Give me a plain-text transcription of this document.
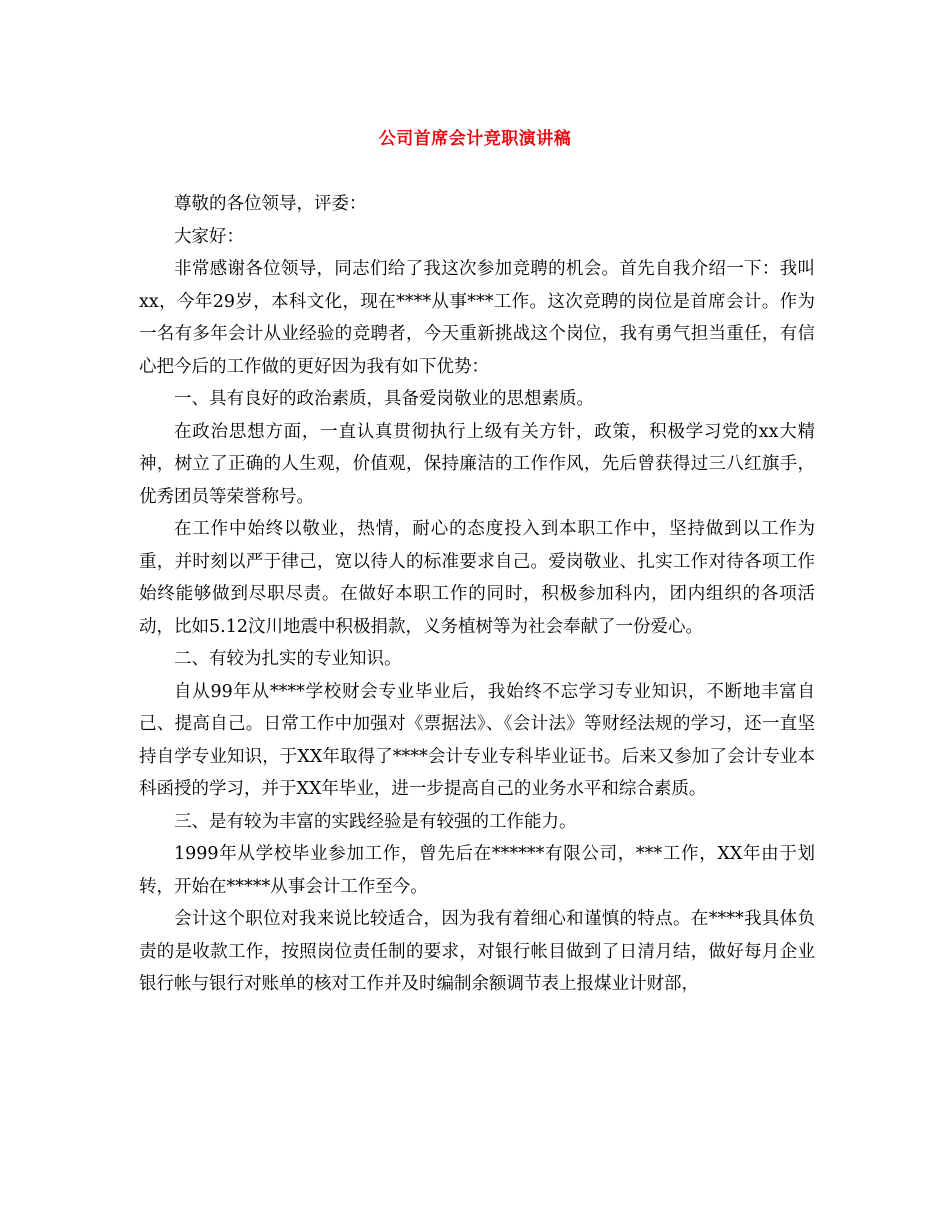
公司首席会计竞职演讲稿

尊敬的各位领导，评委：

大家好：

非常感谢各位领导，同志们给了我这次参加竞聘的机会。首先自我介绍一下：我叫xx，今年29岁，本科文化，现在****从事***工作。这次竞聘的岗位是首席会计。作为一名有多年会计从业经验的竞聘者，今天重新挑战这个岗位，我有勇气担当重任，有信心把今后的工作做的更好因为我有如下优势：

一、具有良好的政治素质，具备爱岗敬业的思想素质。

在政治思想方面，一直认真贯彻执行上级有关方针，政策，积极学习党的xx大精神，树立了正确的人生观，价值观，保持廉洁的工作作风，先后曾获得过三八红旗手，优秀团员等荣誉称号。

在工作中始终以敬业，热情，耐心的态度投入到本职工作中，坚持做到以工作为重，并时刻以严于律己，宽以待人的标准要求自己。爱岗敬业、扎实工作对待各项工作始终能够做到尽职尽责。在做好本职工作的同时，积极参加科内，团内组织的各项活动，比如5.12汶川地震中积极捐款，义务植树等为社会奉献了一份爱心。

二、有较为扎实的专业知识。

自从99年从****学校财会专业毕业后，我始终不忘学习专业知识，不断地丰富自己、提高自己。日常工作中加强对《票据法》、《会计法》等财经法规的学习，还一直坚持自学专业知识，于XX年取得了****会计专业专科毕业证书。后来又参加了会计专业本科函授的学习，并于XX年毕业，进一步提高自己的业务水平和综合素质。

三、是有较为丰富的实践经验是有较强的工作能力。

1999年从学校毕业参加工作，曾先后在******有限公司，***工作，XX年由于划转，开始在*****从事会计工作至今。

会计这个职位对我来说比较适合，因为我有着细心和谨慎的特点。在****我具体负责的是收款工作，按照岗位责任制的要求，对银行帐目做到了日清月结，做好每月企业银行帐与银行对账单的核对工作并及时编制余额调节表上报煤业计财部，
